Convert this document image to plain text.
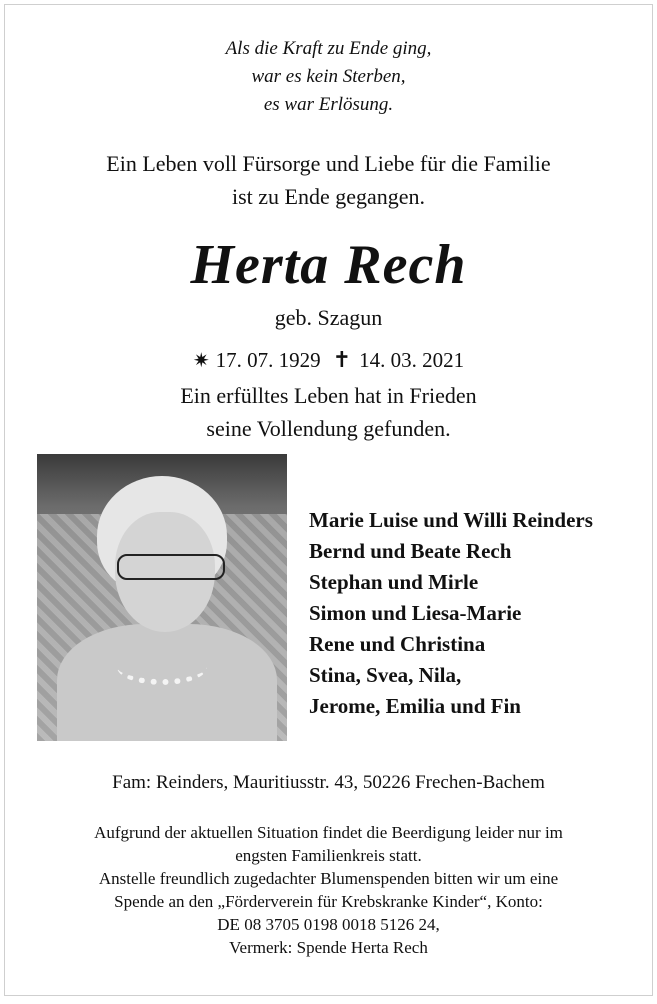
Als die Kraft zu Ende ging,
war es kein Sterben,
es war Erlösung.
Ein Leben voll Fürsorge und Liebe für die Familie
ist zu Ende gegangen.
Herta Rech
geb. Szagun
✷ 17. 07. 1929 ✝ 14. 03. 2021
Ein erfülltes Leben hat in Frieden
seine Vollendung gefunden.
Marie Luise und Willi Reinders
Bernd und Beate Rech
Stephan und Mirle
Simon und Liesa-Marie
Rene und Christina
Stina, Svea, Nila,
Jerome, Emilia und Fin
Fam: Reinders, Mauritiusstr. 43, 50226 Frechen-Bachem
Aufgrund der aktuellen Situation findet die Beerdigung leider nur im
engsten Familienkreis statt.
Anstelle freundlich zugedachter Blumenspenden bitten wir um eine
Spende an den „Förderverein für Krebskranke Kinder“, Konto:
DE 08 3705 0198 0018 5126 24,
Vermerk: Spende Herta Rech
